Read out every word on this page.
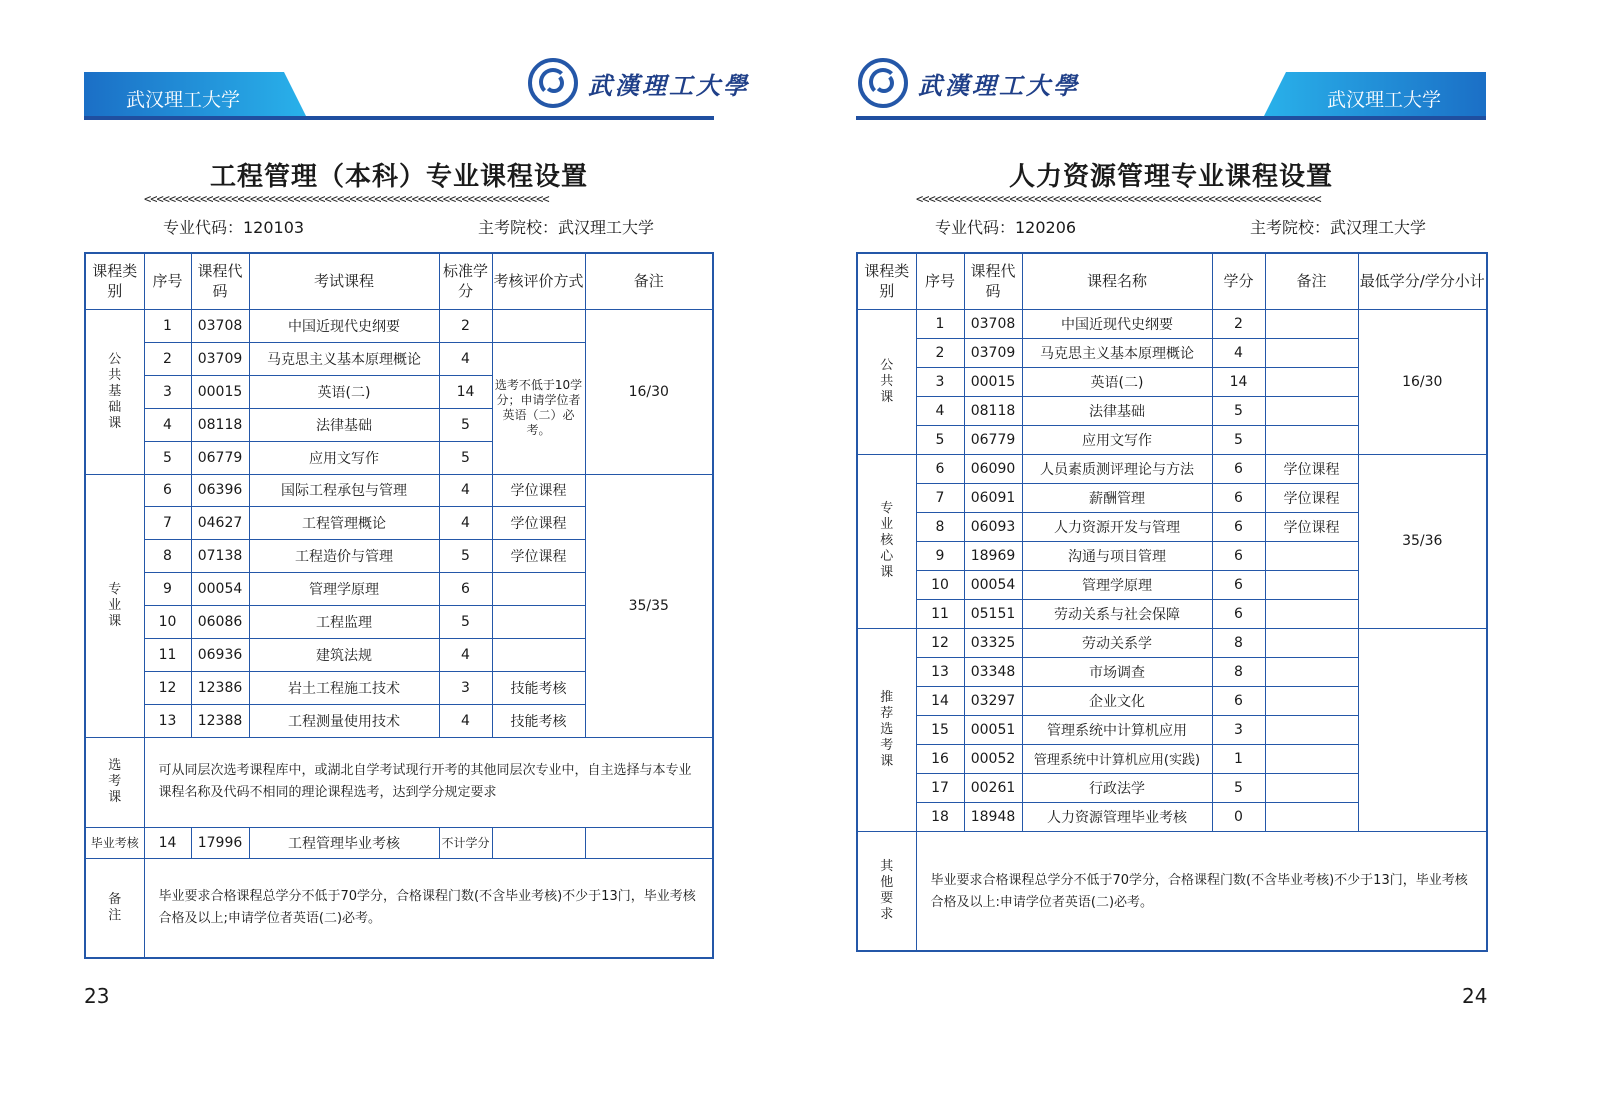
武汉理工大学
武漢理工大學
工程管理（本科）专业课程设置
<<<<<<<<<<<<<<<<<<<<<<<<<<<<<<<<<<<<<<<<<<<<<<<<<<<<<<<<<<<<<<<<<
专业代码：120103	主考院校：武汉理工大学
课程类别	序号	课程代码	考试课程	标准学分	考核评价方式	备注
公共基础课	1	03708	中国近现代史纲要	2		16/30
	2	03709	马克思主义基本原理概论	4	选考不低于10学分；申请学位者英语（二）必考。	
	3	00015	英语(二)	14		
	4	08118	法律基础	5		
	5	06779	应用文写作	5		
专业课	6	06396	国际工程承包与管理	4	学位课程	35/35
	7	04627	工程管理概论	4	学位课程	
	8	07138	工程造价与管理	5	学位课程	
	9	00054	管理学原理	6		
	10	06086	工程监理	5		
	11	06936	建筑法规	4		
	12	12386	岩土工程施工技术	3	技能考核	
	13	12388	工程测量使用技术	4	技能考核	
选考课	可从同层次选考课程库中，或湖北自学考试现行开考的其他同层次专业中，自主选择与本专业课程名称及代码不相同的理论课程选考，达到学分规定要求					
毕业考核	14	17996	工程管理毕业考核	不计学分		
备注	毕业要求合格课程总学分不低于70学分，合格课程门数(不含毕业考核)不少于13门，毕业考核合格及以上;申请学位者英语(二)必考。					
23
武汉理工大学
武漢理工大學
人力资源管理专业课程设置
<<<<<<<<<<<<<<<<<<<<<<<<<<<<<<<<<<<<<<<<<<<<<<<<<<<<<<<<<<<<<<<<<
专业代码：120206	主考院校：武汉理工大学
课程类别	序号	课程代码	课程名称	学分	备注	最低学分/学分小计
公共课	1	03708	中国近现代史纲要	2		16/30
	2	03709	马克思主义基本原理概论	4		
	3	00015	英语(二)	14		
	4	08118	法律基础	5		
	5	06779	应用文写作	5		
专业核心课	6	06090	人员素质测评理论与方法	6	学位课程	35/36
	7	06091	薪酬管理	6	学位课程	
	8	06093	人力资源开发与管理	6	学位课程	
	9	18969	沟通与项目管理	6		
	10	00054	管理学原理	6		
	11	05151	劳动关系与社会保障	6		
推荐选考课	12	03325	劳动关系学	8		
	13	03348	市场调查	8		
	14	03297	企业文化	6		
	15	00051	管理系统中计算机应用	3		
	16	00052	管理系统中计算机应用(实践)	1		
	17	00261	行政法学	5		
	18	18948	人力资源管理毕业考核	0		
其他要求	毕业要求合格课程总学分不低于70学分，合格课程门数(不含毕业考核)不少于13门，毕业考核合格及以上:申请学位者英语(二)必考。					
24
